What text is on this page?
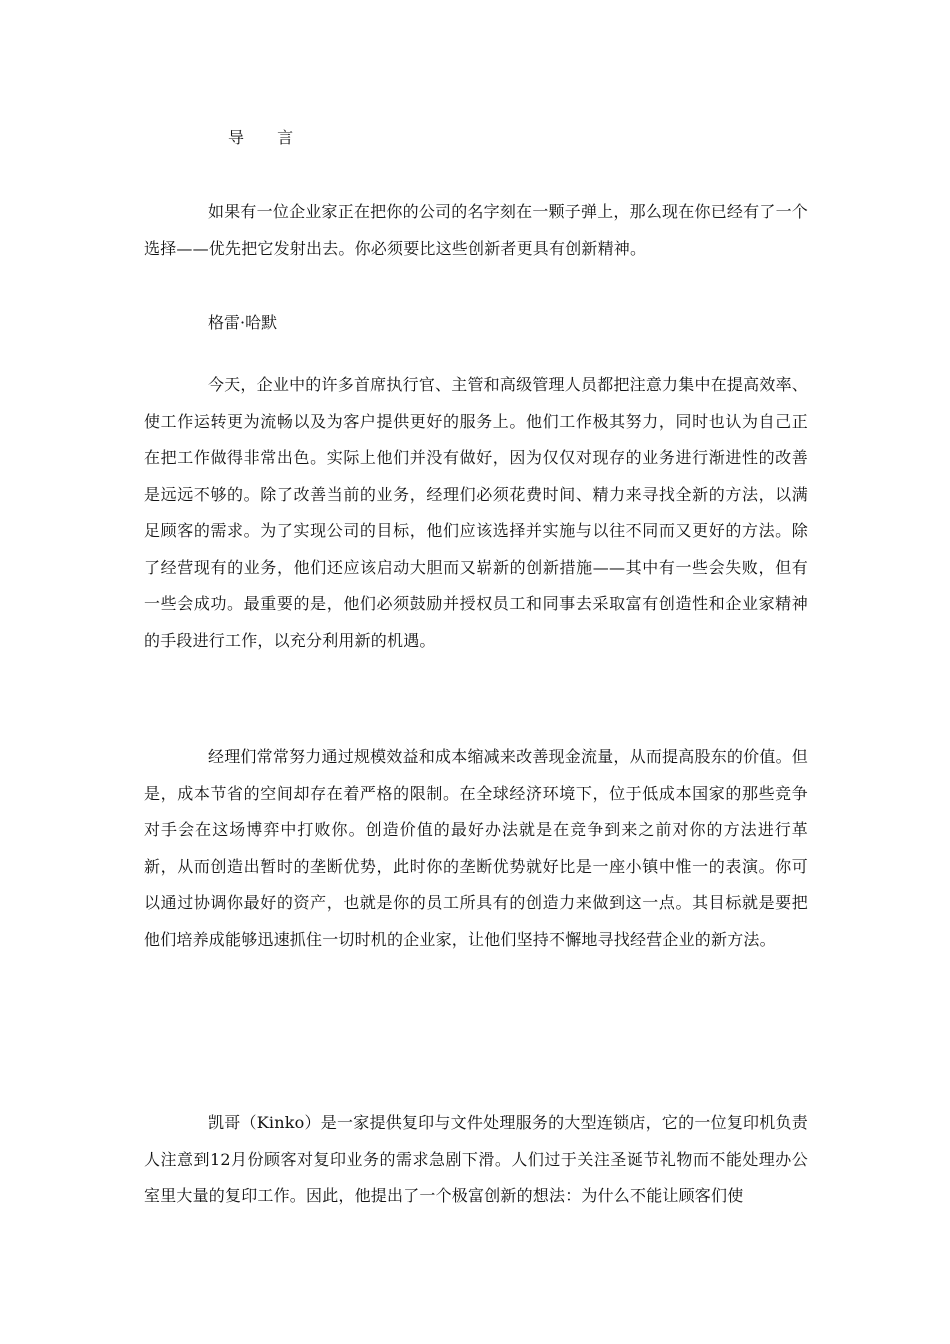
导 言

如果有一位企业家正在把你的公司的名字刻在一颗子弹上，那么现在你已经有了一个选择——优先把它发射出去。你必须要比这些创新者更具有创新精神。

格雷·哈默

今天，企业中的许多首席执行官、主管和高级管理人员都把注意力集中在提高效率、使工作运转更为流畅以及为客户提供更好的服务上。他们工作极其努力，同时也认为自己正在把工作做得非常出色。实际上他们并没有做好，因为仅仅对现存的业务进行渐进性的改善是远远不够的。除了改善当前的业务，经理们必须花费时间、精力来寻找全新的方法，以满足顾客的需求。为了实现公司的目标，他们应该选择并实施与以往不同而又更好的方法。除了经营现有的业务，他们还应该启动大胆而又崭新的创新措施——其中有一些会失败，但有一些会成功。最重要的是，他们必须鼓励并授权员工和同事去采取富有创造性和企业家精神的手段进行工作，以充分利用新的机遇。

经理们常常努力通过规模效益和成本缩减来改善现金流量，从而提高股东的价值。但是，成本节省的空间却存在着严格的限制。在全球经济环境下，位于低成本国家的那些竞争对手会在这场博弈中打败你。创造价值的最好办法就是在竞争到来之前对你的方法进行革新，从而创造出暂时的垄断优势，此时你的垄断优势就好比是一座小镇中惟一的表演。你可以通过协调你最好的资产，也就是你的员工所具有的创造力来做到这一点。其目标就是要把他们培养成能够迅速抓住一切时机的企业家，让他们坚持不懈地寻找经营企业的新方法。

凯哥（Kinko）是一家提供复印与文件处理服务的大型连锁店，它的一位复印机负责人注意到12月份顾客对复印业务的需求急剧下滑。人们过于关注圣诞节礼物而不能处理办公室里大量的复印工作。因此，他提出了一个极富创新的想法：为什么不能让顾客们使
